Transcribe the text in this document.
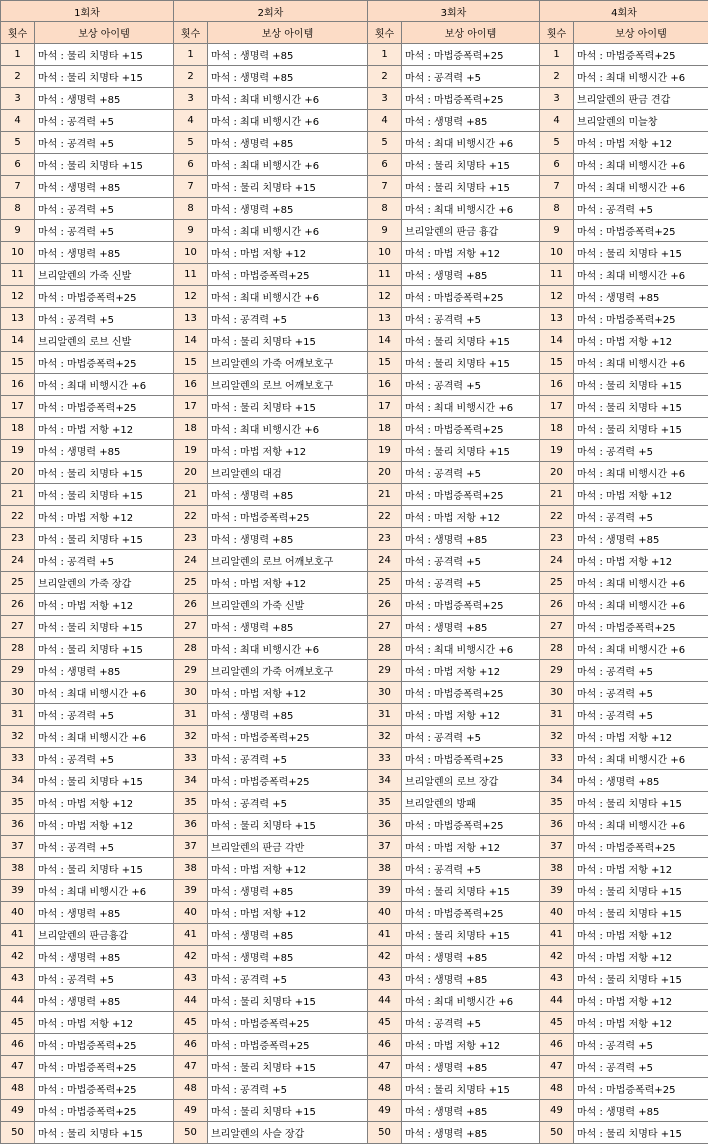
1회차		2회차		3회차		4회차	
횟수	보상 아이템	횟수	보상 아이템	횟수	보상 아이템	횟수	보상 아이템
1	마석 : 물리 치명타 +15	1	마석 : 생명력 +85	1	마석 : 마법증폭력+25	1	마석 : 마법증폭력+25
2	마석 : 물리 치명타 +15	2	마석 : 생명력 +85	2	마석 : 공격력 +5	2	마석 : 최대 비행시간 +6
3	마석 : 생명력 +85	3	마석 : 최대 비행시간 +6	3	마석 : 마법증폭력+25	3	브리알렌의 판금 견갑
4	마석 : 공격력 +5	4	마석 : 최대 비행시간 +6	4	마석 : 생명력 +85	4	브리알렌의 미늘창
5	마석 : 공격력 +5	5	마석 : 생명력 +85	5	마석 : 최대 비행시간 +6	5	마석 : 마법 저항 +12
6	마석 : 물리 치명타 +15	6	마석 : 최대 비행시간 +6	6	마석 : 물리 치명타 +15	6	마석 : 최대 비행시간 +6
7	마석 : 생명력 +85	7	마석 : 물리 치명타 +15	7	마석 : 물리 치명타 +15	7	마석 : 최대 비행시간 +6
8	마석 : 공격력 +5	8	마석 : 생명력 +85	8	마석 : 최대 비행시간 +6	8	마석 : 공격력 +5
9	마석 : 공격력 +5	9	마석 : 최대 비행시간 +6	9	브리알렌의 판금 흉갑	9	마석 : 마법증폭력+25
10	마석 : 생명력 +85	10	마석 : 마법 저항 +12	10	마석 : 마법 저항 +12	10	마석 : 물리 치명타 +15
11	브리알렌의 가죽 신발	11	마석 : 마법증폭력+25	11	마석 : 생명력 +85	11	마석 : 최대 비행시간 +6
12	마석 : 마법증폭력+25	12	마석 : 최대 비행시간 +6	12	마석 : 마법증폭력+25	12	마석 : 생명력 +85
13	마석 : 공격력 +5	13	마석 : 공격력 +5	13	마석 : 공격력 +5	13	마석 : 마법증폭력+25
14	브리알렌의 로브 신발	14	마석 : 물리 치명타 +15	14	마석 : 물리 치명타 +15	14	마석 : 마법 저항 +12
15	마석 : 마법증폭력+25	15	브리알렌의 가죽 어깨보호구	15	마석 : 물리 치명타 +15	15	마석 : 최대 비행시간 +6
16	마석 : 최대 비행시간 +6	16	브리알렌의 로브 어깨보호구	16	마석 : 공격력 +5	16	마석 : 물리 치명타 +15
17	마석 : 마법증폭력+25	17	마석 : 물리 치명타 +15	17	마석 : 최대 비행시간 +6	17	마석 : 물리 치명타 +15
18	마석 : 마법 저항 +12	18	마석 : 최대 비행시간 +6	18	마석 : 마법증폭력+25	18	마석 : 물리 치명타 +15
19	마석 : 생명력 +85	19	마석 : 마법 저항 +12	19	마석 : 물리 치명타 +15	19	마석 : 공격력 +5
20	마석 : 물리 치명타 +15	20	브리알렌의 대검	20	마석 : 공격력 +5	20	마석 : 최대 비행시간 +6
21	마석 : 물리 치명타 +15	21	마석 : 생명력 +85	21	마석 : 마법증폭력+25	21	마석 : 마법 저항 +12
22	마석 : 마법 저항 +12	22	마석 : 마법증폭력+25	22	마석 : 마법 저항 +12	22	마석 : 공격력 +5
23	마석 : 물리 치명타 +15	23	마석 : 생명력 +85	23	마석 : 생명력 +85	23	마석 : 생명력 +85
24	마석 : 공격력 +5	24	브리알렌의 로브 어깨보호구	24	마석 : 공격력 +5	24	마석 : 마법 저항 +12
25	브리알렌의 가죽 장갑	25	마석 : 마법 저항 +12	25	마석 : 공격력 +5	25	마석 : 최대 비행시간 +6
26	마석 : 마법 저항 +12	26	브리알렌의 가죽 신발	26	마석 : 마법증폭력+25	26	마석 : 최대 비행시간 +6
27	마석 : 물리 치명타 +15	27	마석 : 생명력 +85	27	마석 : 생명력 +85	27	마석 : 마법증폭력+25
28	마석 : 물리 치명타 +15	28	마석 : 최대 비행시간 +6	28	마석 : 최대 비행시간 +6	28	마석 : 최대 비행시간 +6
29	마석 : 생명력 +85	29	브리알렌의 가죽 어깨보호구	29	마석 : 마법 저항 +12	29	마석 : 공격력 +5
30	마석 : 최대 비행시간 +6	30	마석 : 마법 저항 +12	30	마석 : 마법증폭력+25	30	마석 : 공격력 +5
31	마석 : 공격력 +5	31	마석 : 생명력 +85	31	마석 : 마법 저항 +12	31	마석 : 공격력 +5
32	마석 : 최대 비행시간 +6	32	마석 : 마법증폭력+25	32	마석 : 공격력 +5	32	마석 : 마법 저항 +12
33	마석 : 공격력 +5	33	마석 : 공격력 +5	33	마석 : 마법증폭력+25	33	마석 : 최대 비행시간 +6
34	마석 : 물리 치명타 +15	34	마석 : 마법증폭력+25	34	브리알렌의 로브 장갑	34	마석 : 생명력 +85
35	마석 : 마법 저항 +12	35	마석 : 공격력 +5	35	브리알렌의 방패	35	마석 : 물리 치명타 +15
36	마석 : 마법 저항 +12	36	마석 : 물리 치명타 +15	36	마석 : 마법증폭력+25	36	마석 : 최대 비행시간 +6
37	마석 : 공격력 +5	37	브리알렌의 판금 각반	37	마석 : 마법 저항 +12	37	마석 : 마법증폭력+25
38	마석 : 물리 치명타 +15	38	마석 : 마법 저항 +12	38	마석 : 공격력 +5	38	마석 : 마법 저항 +12
39	마석 : 최대 비행시간 +6	39	마석 : 생명력 +85	39	마석 : 물리 치명타 +15	39	마석 : 물리 치명타 +15
40	마석 : 생명력 +85	40	마석 : 마법 저항 +12	40	마석 : 마법증폭력+25	40	마석 : 물리 치명타 +15
41	브리알렌의 판금흉갑	41	마석 : 생명력 +85	41	마석 : 물리 치명타 +15	41	마석 : 마법 저항 +12
42	마석 : 생명력 +85	42	마석 : 생명력 +85	42	마석 : 생명력 +85	42	마석 : 마법 저항 +12
43	마석 : 공격력 +5	43	마석 : 공격력 +5	43	마석 : 생명력 +85	43	마석 : 물리 치명타 +15
44	마석 : 생명력 +85	44	마석 : 물리 치명타 +15	44	마석 : 최대 비행시간 +6	44	마석 : 마법 저항 +12
45	마석 : 마법 저항 +12	45	마석 : 마법증폭력+25	45	마석 : 공격력 +5	45	마석 : 마법 저항 +12
46	마석 : 마법증폭력+25	46	마석 : 마법증폭력+25	46	마석 : 마법 저항 +12	46	마석 : 공격력 +5
47	마석 : 마법증폭력+25	47	마석 : 물리 치명타 +15	47	마석 : 생명력 +85	47	마석 : 공격력 +5
48	마석 : 마법증폭력+25	48	마석 : 공격력 +5	48	마석 : 물리 치명타 +15	48	마석 : 마법증폭력+25
49	마석 : 마법증폭력+25	49	마석 : 물리 치명타 +15	49	마석 : 생명력 +85	49	마석 : 생명력 +85
50	마석 : 물리 치명타 +15	50	브리알렌의 사슬 장갑	50	마석 : 생명력 +85	50	마석 : 물리 치명타 +15
